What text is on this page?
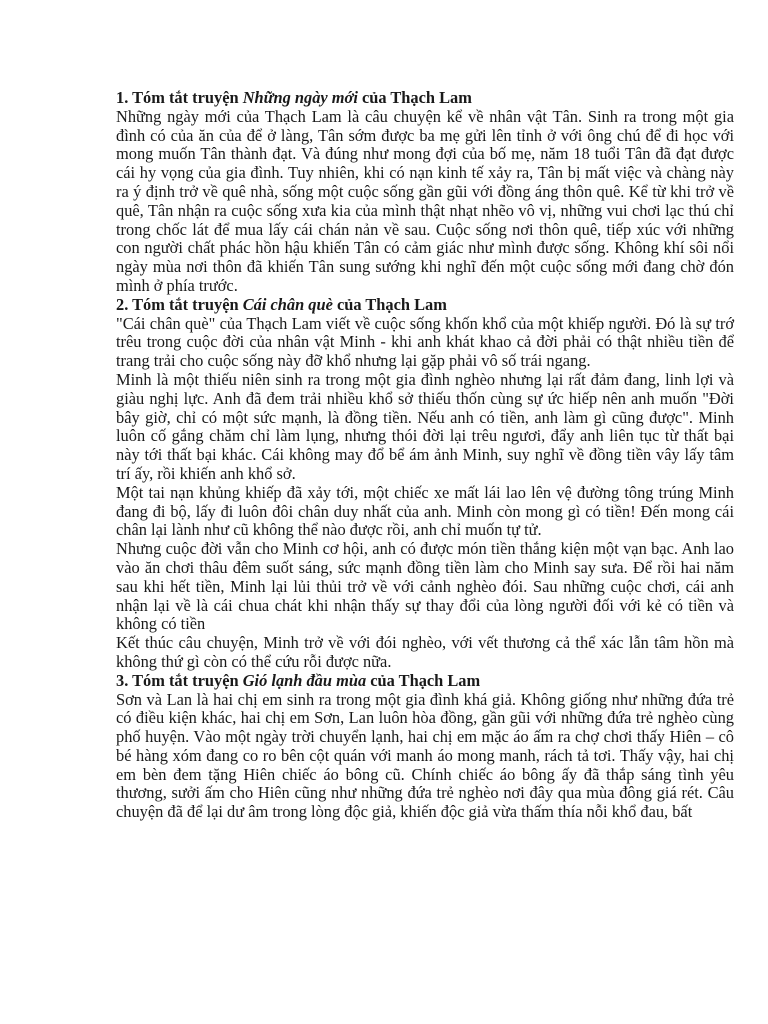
1. Tóm tắt truyện Những ngày mới của Thạch Lam

Những ngày mới của Thạch Lam là câu chuyện kể về nhân vật Tân. Sinh ra trong một gia đình có của ăn của để ở làng, Tân sớm được ba mẹ gửi lên tỉnh ở với ông chú để đi học với mong muốn Tân thành đạt. Và đúng như mong đợi của bố mẹ, năm 18 tuổi Tân đã đạt được cái hy vọng của gia đình. Tuy nhiên, khi có nạn kinh tế xảy ra, Tân bị mất việc và chàng này ra ý định trở về quê nhà, sống một cuộc sống gần gũi với đồng áng thôn quê. Kể từ khi trở về quê, Tân nhận ra cuộc sống xưa kia của mình thật nhạt nhẽo vô vị, những vui chơi lạc thú chỉ trong chốc lát để mua lấy cái chán nản về sau. Cuộc sống nơi thôn quê, tiếp xúc với những con người chất phác hồn hậu khiến Tân có cảm giác như mình được sống. Không khí sôi nổi ngày mùa nơi thôn đã khiến Tân sung sướng khi nghĩ đến một cuộc sống mới đang chờ đón mình ở phía trước.

2. Tóm tắt truyện Cái chân què của Thạch Lam

"Cái chân què" của Thạch Lam viết về cuộc sống khốn khổ của một khiếp người. Đó là sự trớ trêu trong cuộc đời của nhân vật Minh - khi anh khát khao cả đời phải có thật nhiều tiền để trang trải cho cuộc sống này đỡ khổ nhưng lại gặp phải vô số trái ngang.

Minh là một thiếu niên sinh ra trong một gia đình nghèo nhưng lại rất đảm đang, linh lợi và giàu nghị lực. Anh đã đem trải nhiều khổ sở thiếu thốn cùng sự ức hiếp nên anh muốn "Đời bây giờ, chỉ có một sức mạnh, là đồng tiền. Nếu anh có tiền, anh làm gì cũng được". Minh luôn cố gắng chăm chỉ làm lụng, nhưng thói đời lại trêu ngươi, đẩy anh liên tục từ thất bại này tới thất bại khác. Cái không may đổ bể ám ảnh Minh, suy nghĩ về đồng tiền vây lấy tâm trí ấy, rồi khiến anh khổ sở.

Một tai nạn khủng khiếp đã xảy tới, một chiếc xe mất lái lao lên vệ đường tông trúng Minh đang đi bộ, lấy đi luôn đôi chân duy nhất của anh. Minh còn mong gì có tiền! Đến mong cái chân lại lành như cũ không thể nào được rồi, anh chỉ muốn tự tử.

Nhưng cuộc đời vẫn cho Minh cơ hội, anh có được món tiền thắng kiện một vạn bạc. Anh lao vào ăn chơi thâu đêm suốt sáng, sức mạnh đồng tiền làm cho Minh say sưa. Để rồi hai năm sau khi hết tiền, Minh lại lủi thủi trở về với cảnh nghèo đói. Sau những cuộc chơi, cái anh nhận lại về là cái chua chát khi nhận thấy sự thay đổi của lòng người đối với kẻ có tiền và không có tiền

Kết thúc câu chuyện, Minh trở về với đói nghèo, với vết thương cả thể xác lẫn tâm hồn mà không thứ gì còn có thể cứu rỗi được nữa.

3. Tóm tắt truyện Gió lạnh đầu mùa của Thạch Lam

Sơn và Lan là hai chị em sinh ra trong một gia đình khá giả. Không giống như những đứa trẻ có điều kiện khác, hai chị em Sơn, Lan luôn hòa đồng, gần gũi với những đứa trẻ nghèo cùng phố huyện. Vào một ngày trời chuyển lạnh, hai chị em mặc áo ấm ra chợ chơi thấy Hiên – cô bé hàng xóm đang co ro bên cột quán với manh áo mong manh, rách tả tơi. Thấy vậy, hai chị em bèn đem tặng Hiên chiếc áo bông cũ. Chính chiếc áo bông ấy đã thắp sáng tình yêu thương, sưởi ấm cho Hiên cũng như những đứa trẻ nghèo nơi đây qua mùa đông giá rét. Câu chuyện đã để lại dư âm trong lòng độc giả, khiến độc giả vừa thấm thía nỗi khổ đau, bất
